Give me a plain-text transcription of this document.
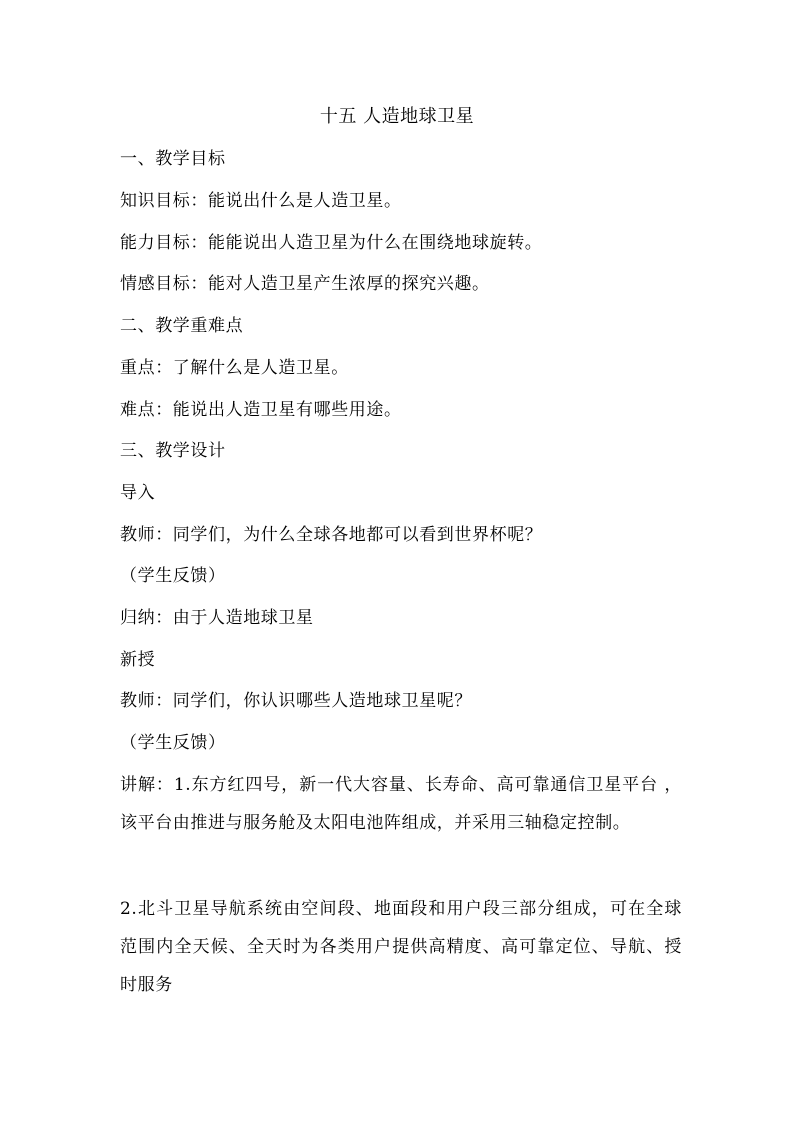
十五 人造地球卫星
一、教学目标
知识目标：能说出什么是人造卫星。
能力目标：能能说出人造卫星为什么在围绕地球旋转。
情感目标：能对人造卫星产生浓厚的探究兴趣。
二、教学重难点
重点：了解什么是人造卫星。
难点：能说出人造卫星有哪些用途。
三、教学设计
导入
教师：同学们，为什么全球各地都可以看到世界杯呢？
（学生反馈）
归纳：由于人造地球卫星
新授
教师：同学们，你认识哪些人造地球卫星呢？
（学生反馈）
讲解：1.东方红四号，新一代大容量、长寿命、高可靠通信卫星平台 ，该平台由推进与服务舱及太阳电池阵组成，并采用三轴稳定控制。
2.北斗卫星导航系统由空间段、地面段和用户段三部分组成，可在全球范围内全天候、全天时为各类用户提供高精度、高可靠定位、导航、授时服务
